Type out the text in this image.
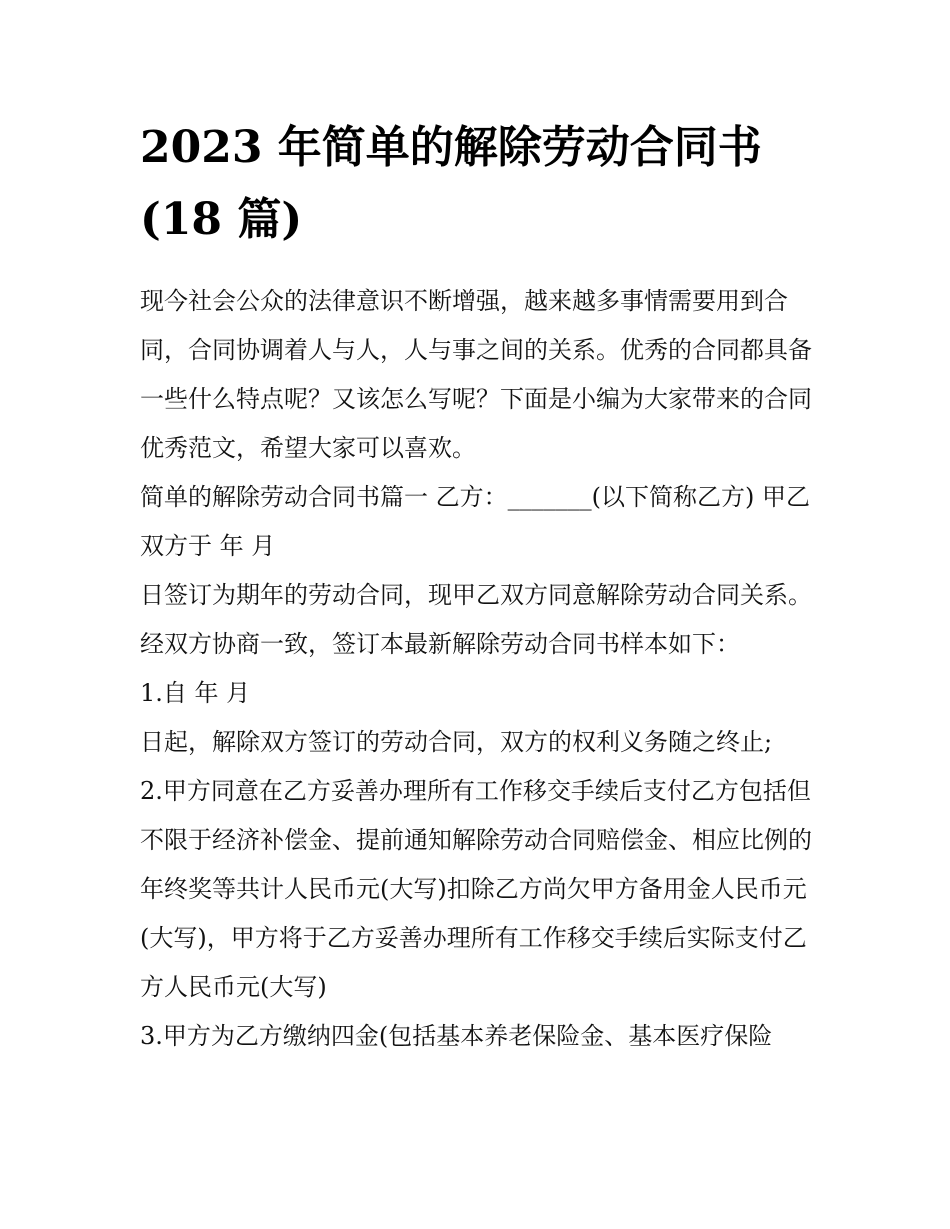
2023 年简单的解除劳动合同书
(18 篇)

现今社会公众的法律意识不断增强，越来越多事情需要用到合同，合同协调着人与人，人与事之间的关系。优秀的合同都具备一些什么特点呢？又该怎么写呢？下面是小编为大家带来的合同优秀范文，希望大家可以喜欢。

简单的解除劳动合同书篇一 乙方：_______(以下简称乙方) 甲乙双方于 年 月

日签订为期年的劳动合同，现甲乙双方同意解除劳动合同关系。经双方协商一致，签订本最新解除劳动合同书样本如下：

1.自 年 月

日起，解除双方签订的劳动合同，双方的权利义务随之终止;

2.甲方同意在乙方妥善办理所有工作移交手续后支付乙方包括但不限于经济补偿金、提前通知解除劳动合同赔偿金、相应比例的年终奖等共计人民币元(大写)扣除乙方尚欠甲方备用金人民币元(大写)，甲方将于乙方妥善办理所有工作移交手续后实际支付乙方人民币元(大写)

3.甲方为乙方缴纳四金(包括基本养老保险金、基本医疗保险
